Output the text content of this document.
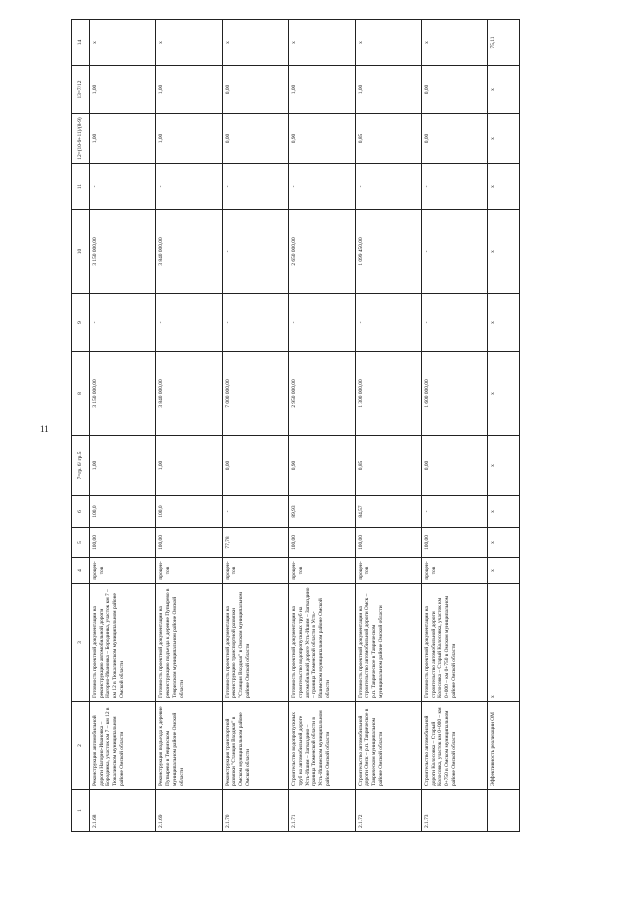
11
1	2	3	4	5	6	7=гр. 6/ гр.5	8	9	10	11	12=(10-9+11)/(8-9)	13=7/12	14
2.1.68	Реконструкция автомобильной дороги Нагорно-Ивановка – Бородинка, участок км 7 – км 12 в Тюкалинском муниципальном районе Омской области	Готовность проектной документации на реконструкцию автомобильной дороги Нагорно-Ивановка – Бородинка, участок км 7 – км 12 в Тюкалинском муниципальном районе Омской области	процен-тов	100,00	100,0	1,00	3 150 000,00	-	3 150 000,00	-	1,00	1,00	x
2.1.69	Реконструкция подъезда к деревне Пупырево в Тевризском муниципальном районе Омской области	Готовность проектной документации на реконструкцию подъезда к деревне Пупырево в Тевризском муниципальном районе Омской области	процен-тов	100,00	100,0	1,00	3 840 000,00	-	3 840 000,00	-	1,00	1,00	x
2.1.70	Реконструкция транспортной развязки "Станция Входная" в Омском муниципальном районе Омской области	Готовность проектной документации на реконструкцию транспортной развязки "Станция Входная" в Омском муниципальном районе Омской области	процен-тов	77,78	-	0,00	7 000 000,00	-	-	-	0,00	0,00	x
2.1.71	Строительство водопропускных труб на автомобильной дороге Усть-Ишим – Загваздино – граница Тюменской области в Усть-Ишимском муниципальном районе Омской области	Готовность проектной документации на строительство водопропускных труб на автомобильной дороге Усть-Ишим – Загваздино – граница Тюменской области в Усть-Ишимском муниципальном районе Омской области	процен-тов	100,00	89,93	0,90	2 950 000,00	-	2 650 000,00	-	0,90	1,00	x
2.1.72	Строительство автомобильной дороги Омск – р.п. Таврическое в Таврическом муниципальном районе Омской области	Готовность проектной документации на строительство автомобильной дороги Омск – р.п. Таврическое в Таврическом муниципальном районе Омской области	процен-тов	100,00	84,57	0,85	1 300 000,00	-	1 099 450,00	-	0,85	1,00	x
2.1.73	Строительство автомобильной дороги Колосовка – Старый Колосовка, участок км 0+000 – км 0+750 в Омском муниципальном районе Омской области	Готовность проектной документации на строительство автомобильной дороги Колосовка – Старый Колосовка, участок км 0+000 – км 0+750 в Омском муниципальном районе Омской области	процен-тов	100,00	-	0,00	1 600 000,00	-	-	-	0,00	0,00	x
	Эффективность реализации ОМ	x	x	x	x	x	x	x	x	x	x	x	75,11
